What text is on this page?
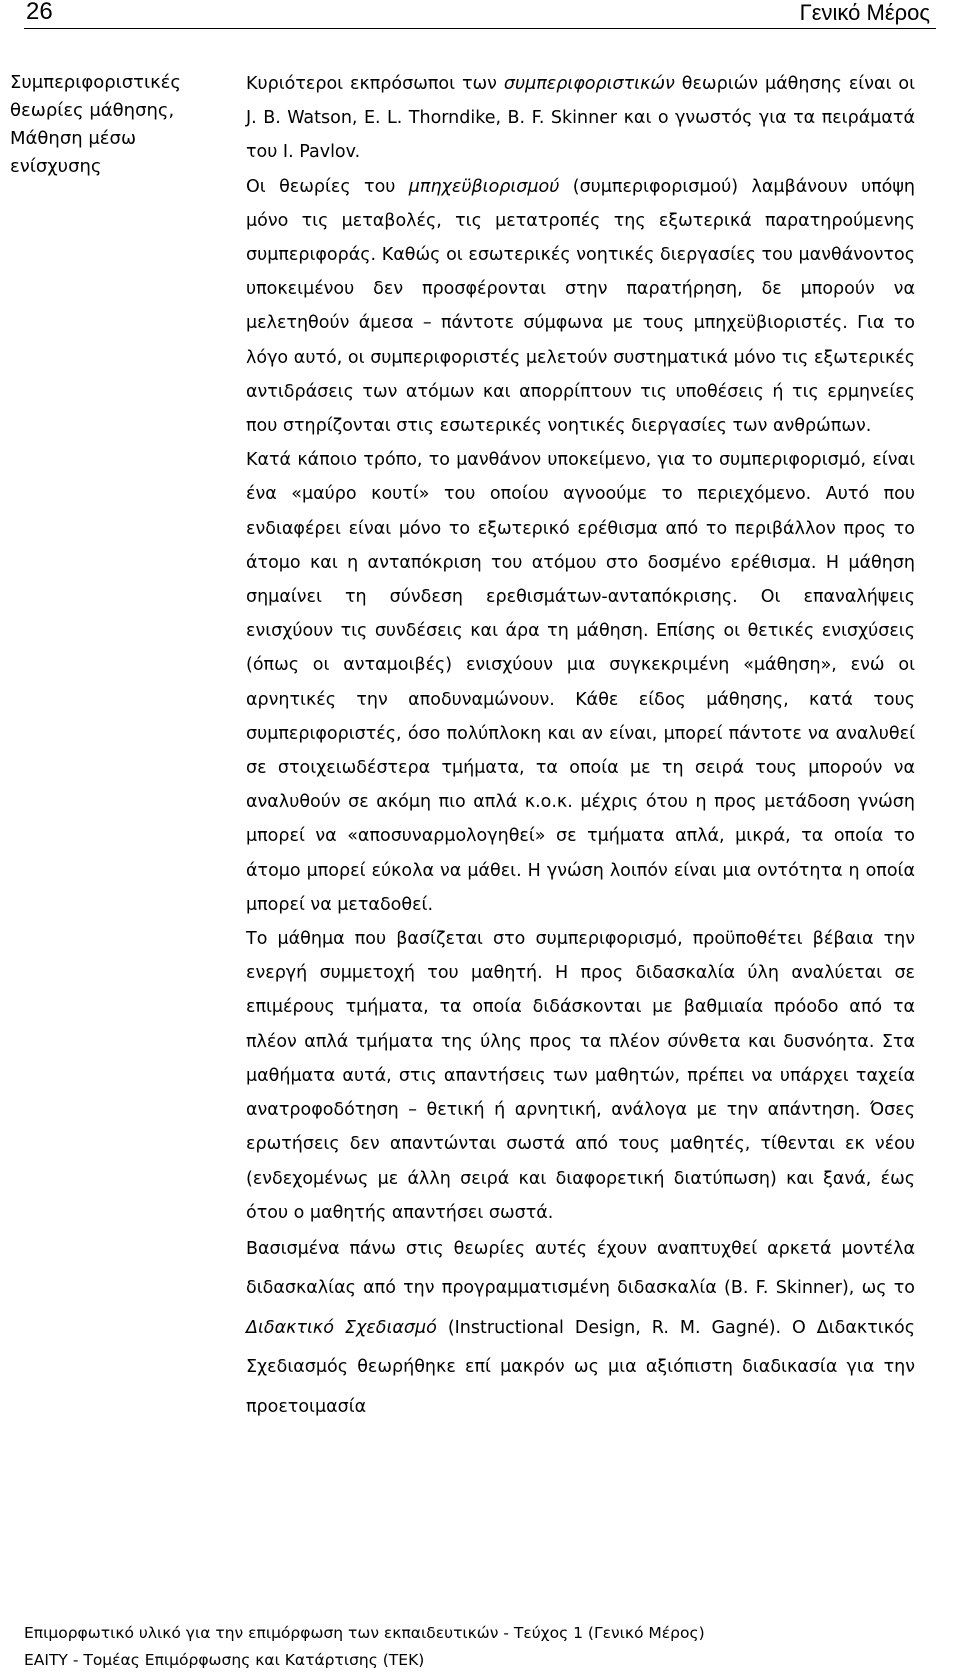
26	Γενικό Μέρος
Συμπεριφοριστικές θεωρίες μάθησης, Μάθηση μέσω ενίσχυσης

Κυριότεροι εκπρόσωποι των συμπεριφοριστικών θεωριών μάθησης είναι οι J. B. Watson, E. L. Thorndike, B. F. Skinner και ο γνωστός για τα πειράματά του I. Pavlov.

Οι θεωρίες του μπηχεϋβιορισμού (συμπεριφορισμού) λαμβάνουν υπόψη μόνο τις μεταβολές, τις μετατροπές της εξωτερικά παρατηρούμενης συμπεριφοράς. Καθώς οι εσωτερικές νοητικές διεργασίες του μανθάνοντος υποκειμένου δεν προσφέρονται στην παρατήρηση, δε μπορούν να μελετηθούν άμεσα – πάντοτε σύμφωνα με τους μπηχεϋβιοριστές. Για το λόγο αυτό, οι συμπεριφοριστές μελετούν συστηματικά μόνο τις εξωτερικές αντιδράσεις των ατόμων και απορρίπτουν τις υποθέσεις ή τις ερμηνείες που στηρίζονται στις εσωτερικές νοητικές διεργασίες των ανθρώπων.

Κατά κάποιο τρόπο, το μανθάνον υποκείμενο, για το συμπεριφορισμό, είναι ένα «μαύρο κουτί» του οποίου αγνοούμε το περιεχόμενο. Αυτό που ενδιαφέρει είναι μόνο το εξωτερικό ερέθισμα από το περιβάλλον προς το άτομο και η ανταπόκριση του ατόμου στο δοσμένο ερέθισμα. Η μάθηση σημαίνει τη σύνδεση ερεθισμάτων-ανταπόκρισης. Οι επαναλήψεις ενισχύουν τις συνδέσεις και άρα τη μάθηση. Επίσης οι θετικές ενισχύσεις (όπως οι ανταμοιβές) ενισχύουν μια συγκεκριμένη «μάθηση», ενώ οι αρνητικές την αποδυναμώνουν. Κάθε είδος μάθησης, κατά τους συμπεριφοριστές, όσο πολύπλοκη και αν είναι, μπορεί πάντοτε να αναλυθεί σε στοιχειωδέστερα τμήματα, τα οποία με τη σειρά τους μπορούν να αναλυθούν σε ακόμη πιο απλά κ.ο.κ. μέχρις ότου η προς μετάδοση γνώση μπορεί να «αποσυναρμολογηθεί» σε τμήματα απλά, μικρά, τα οποία το άτομο μπορεί εύκολα να μάθει. Η γνώση λοιπόν είναι μια οντότητα η οποία μπορεί να μεταδοθεί.

Το μάθημα που βασίζεται στο συμπεριφορισμό, προϋποθέτει βέβαια την ενεργή συμμετοχή του μαθητή. Η προς διδασκαλία ύλη αναλύεται σε επιμέρους τμήματα, τα οποία διδάσκονται με βαθμιαία πρόοδο από τα πλέον απλά τμήματα της ύλης προς τα πλέον σύνθετα και δυσνόητα. Στα μαθήματα αυτά, στις απαντήσεις των μαθητών, πρέπει να υπάρχει ταχεία ανατροφοδότηση – θετική ή αρνητική, ανάλογα με την απάντηση. Όσες ερωτήσεις δεν απαντώνται σωστά από τους μαθητές, τίθενται εκ νέου (ενδεχομένως με άλλη σειρά και διαφορετική διατύπωση) και ξανά, έως ότου ο μαθητής απαντήσει σωστά.

Βασισμένα πάνω στις θεωρίες αυτές έχουν αναπτυχθεί αρκετά μοντέλα διδασκαλίας από την προγραμματισμένη διδασκαλία (B. F. Skinner), ως το Διδακτικό Σχεδιασμό (Instructional Design, R. M. Gagné). Ο Διδακτικός Σχεδιασμός θεωρήθηκε επί μακρόν ως μια αξιόπιστη διαδικασία για την προετοιμασία

Επιμορφωτικό υλικό για την επιμόρφωση των εκπαιδευτικών - Τεύχος 1 (Γενικό Μέρος)
ΕΑΙΤΥ - Τομέας Επιμόρφωσης και Κατάρτισης (ΤΕΚ)
